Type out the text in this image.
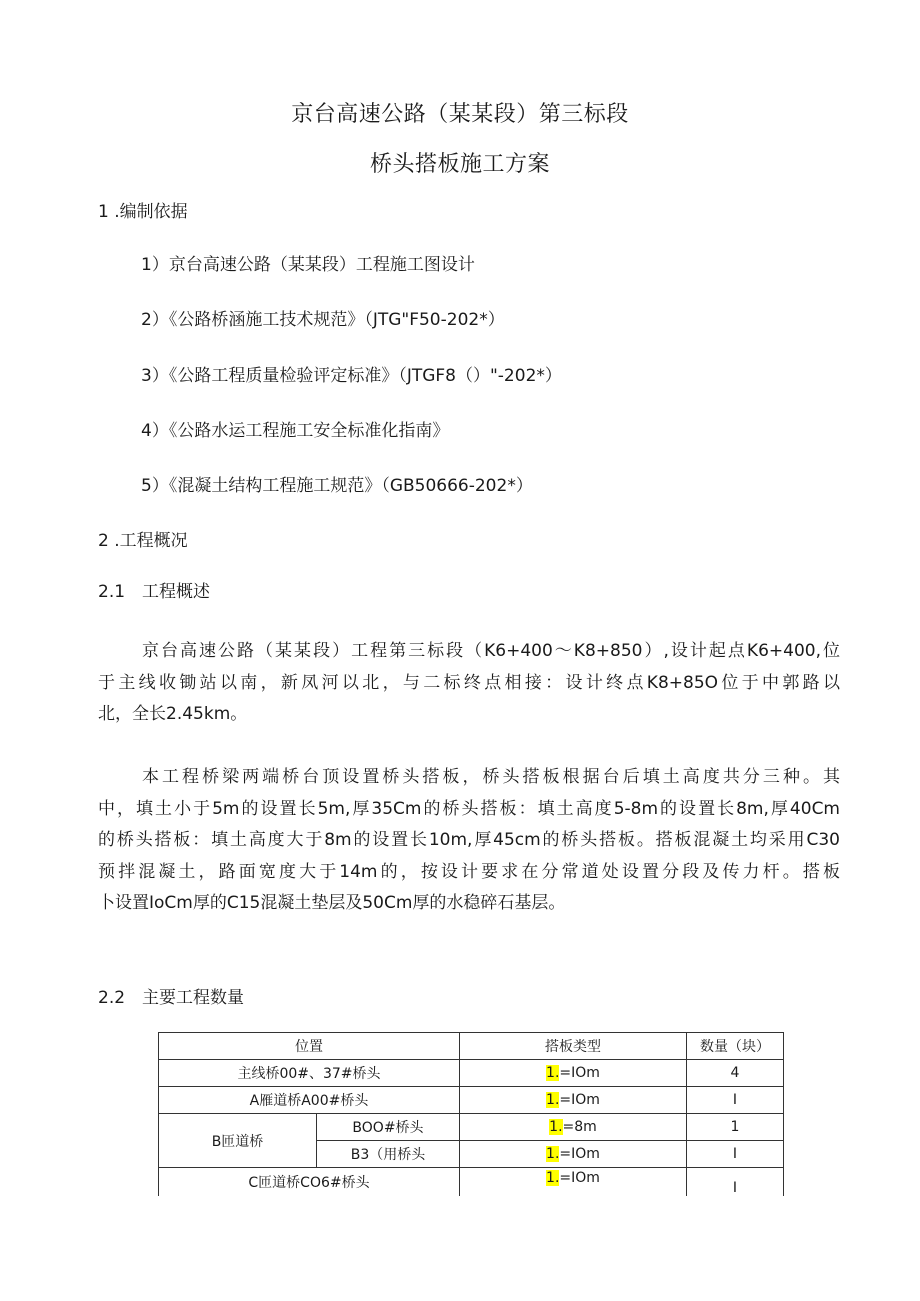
京台高速公路（某某段）第三标段
桥头搭板施工方案
1 .编制依据
1）京台高速公路（某某段）工程施工图设计
2）《公路桥涵施工技术规范》（JTG"F50-202*）
3）《公路工程质量检验评定标准》（JTGF8（）"-202*）
4）《公路水运工程施工安全标准化指南》
5）《混凝土结构工程施工规范》（GB50666-202*）
2 .工程概况
2.1　工程概述
京台高速公路（某某段）工程第三标段（K6+400～K8+850）,设计起点K6+400,位
于主线收锄站以南，新凤河以北，与二标终点相接：设计终点K8+85O位于中郭路以
北，全长2.45km。
本工程桥梁两端桥台顶设置桥头搭板，桥头搭板根据台后填土高度共分三种。其
中，填土小于5m的设置长5m,厚35Cm的桥头搭板：填土高度5-8m的设置长8m,厚40Cm
的桥头搭板：填土高度大于8m的设置长10m,厚45cm的桥头搭板。搭板混凝土均采用C30
预拌混凝土，路面宽度大于14m的，按设计要求在分常道处设置分段及传力杆。搭板
卜设置IoCm厚的C15混凝土垫层及50Cm厚的水稳碎石基层。
2.2　主要工程数量
位置		搭板类型	数量（块）
主线桥00#、37#桥头		1.=IOm	4
A雁道桥A00#桥头		1.=IOm	I
B匝道桥	BOO#桥头	1.=8m	1
	B3（用桥头	1.=IOm	I
C匝道桥CO6#桥头		1.=IOm	I
